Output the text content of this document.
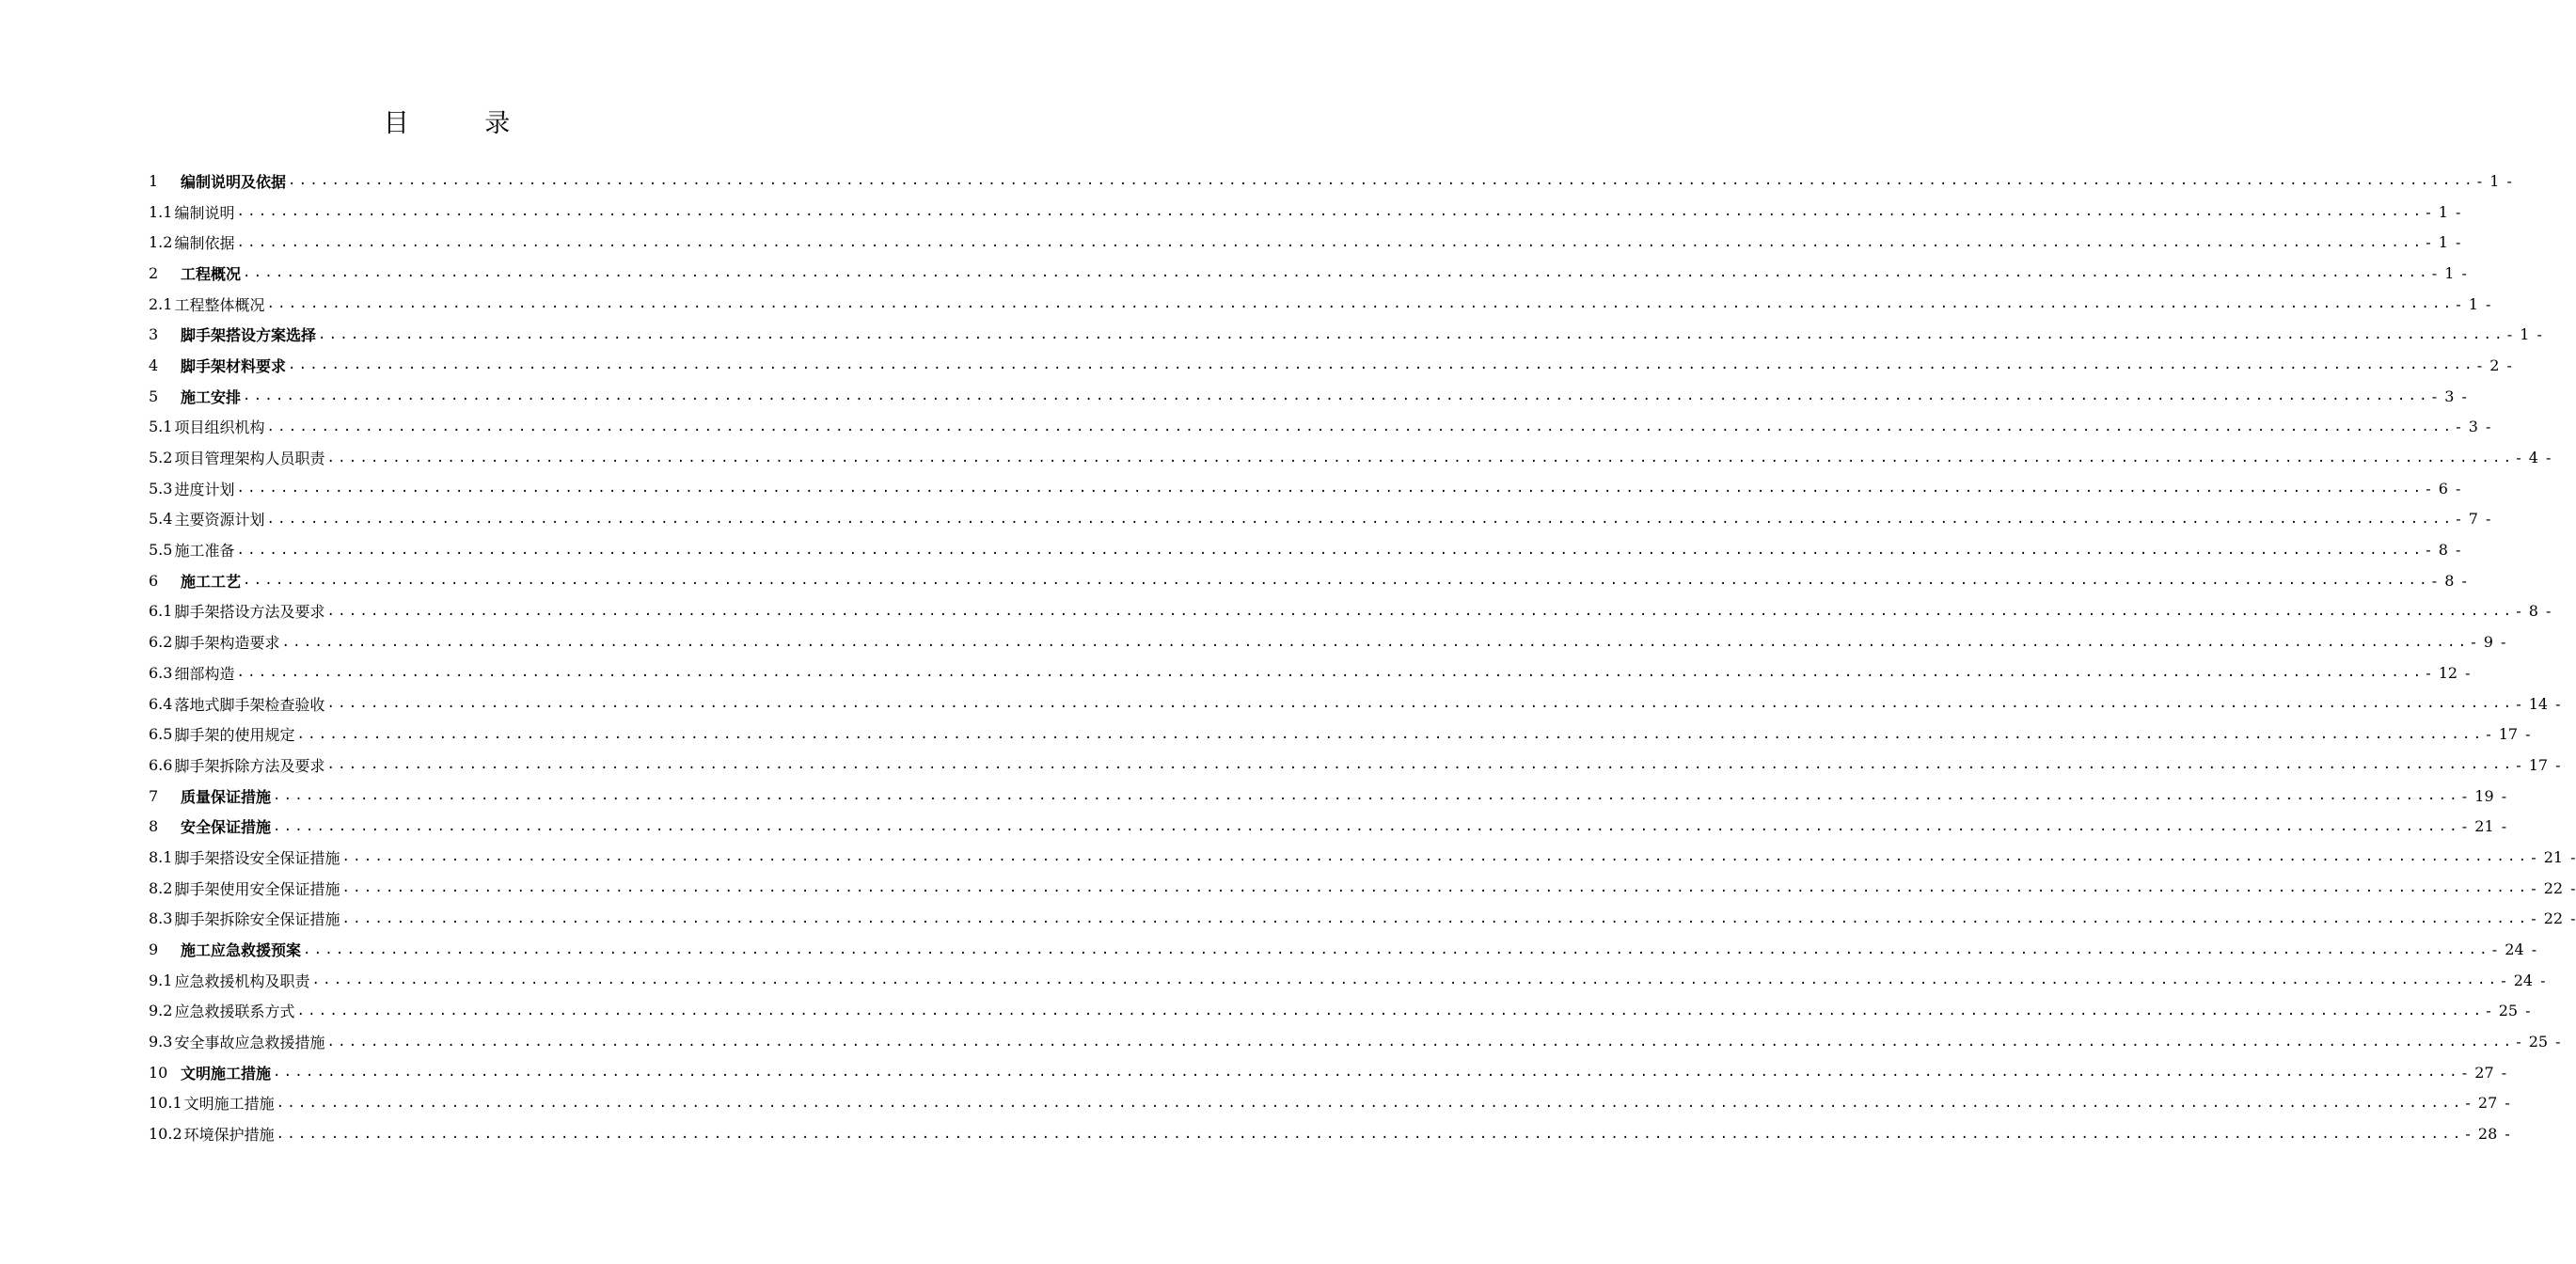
目 录
1	编制说明及依据 ........................................................................................................................................................................................................ - 1 -
1.1 编制说明 ........................................................................................................................................................................................................ - 1 -
1.2 编制依据 ........................................................................................................................................................................................................ - 1 -
2	工程概况 ........................................................................................................................................................................................................ - 1 -
2.1 工程整体概况 ........................................................................................................................................................................................................ - 1 -
3	脚手架搭设方案选择 ........................................................................................................................................................................................................ - 1 -
4	脚手架材料要求 ........................................................................................................................................................................................................ - 2 -
5	施工安排 ........................................................................................................................................................................................................ - 3 -
5.1 项目组织机构 ........................................................................................................................................................................................................ - 3 -
5.2 项目管理架构人员职责 ........................................................................................................................................................................................................ - 4 -
5.3 进度计划 ........................................................................................................................................................................................................ - 6 -
5.4 主要资源计划 ........................................................................................................................................................................................................ - 7 -
5.5 施工准备 ........................................................................................................................................................................................................ - 8 -
6	施工工艺 ........................................................................................................................................................................................................ - 8 -
6.1 脚手架搭设方法及要求 ........................................................................................................................................................................................................ - 8 -
6.2 脚手架构造要求 ........................................................................................................................................................................................................ - 9 -
6.3 细部构造 ........................................................................................................................................................................................................ - 12 -
6.4 落地式脚手架检查验收 ........................................................................................................................................................................................................ - 14 -
6.5 脚手架的使用规定 ........................................................................................................................................................................................................ - 17 -
6.6 脚手架拆除方法及要求 ........................................................................................................................................................................................................ - 17 -
7	质量保证措施 ........................................................................................................................................................................................................ - 19 -
8	安全保证措施 ........................................................................................................................................................................................................ - 21 -
8.1 脚手架搭设安全保证措施 ........................................................................................................................................................................................................ - 21 -
8.2 脚手架使用安全保证措施 ........................................................................................................................................................................................................ - 22 -
8.3 脚手架拆除安全保证措施 ........................................................................................................................................................................................................ - 22 -
9	施工应急救援预案 ........................................................................................................................................................................................................ - 24 -
9.1 应急救援机构及职责 ........................................................................................................................................................................................................ - 24 -
9.2 应急救援联系方式 ........................................................................................................................................................................................................ - 25 -
9.3 安全事故应急救援措施 ........................................................................................................................................................................................................ - 25 -
10 文明施工措施 ........................................................................................................................................................................................................ - 27 -
10.1 文明施工措施 ........................................................................................................................................................................................................ - 27 -
10.2 环境保护措施 ........................................................................................................................................................................................................ - 28 -
